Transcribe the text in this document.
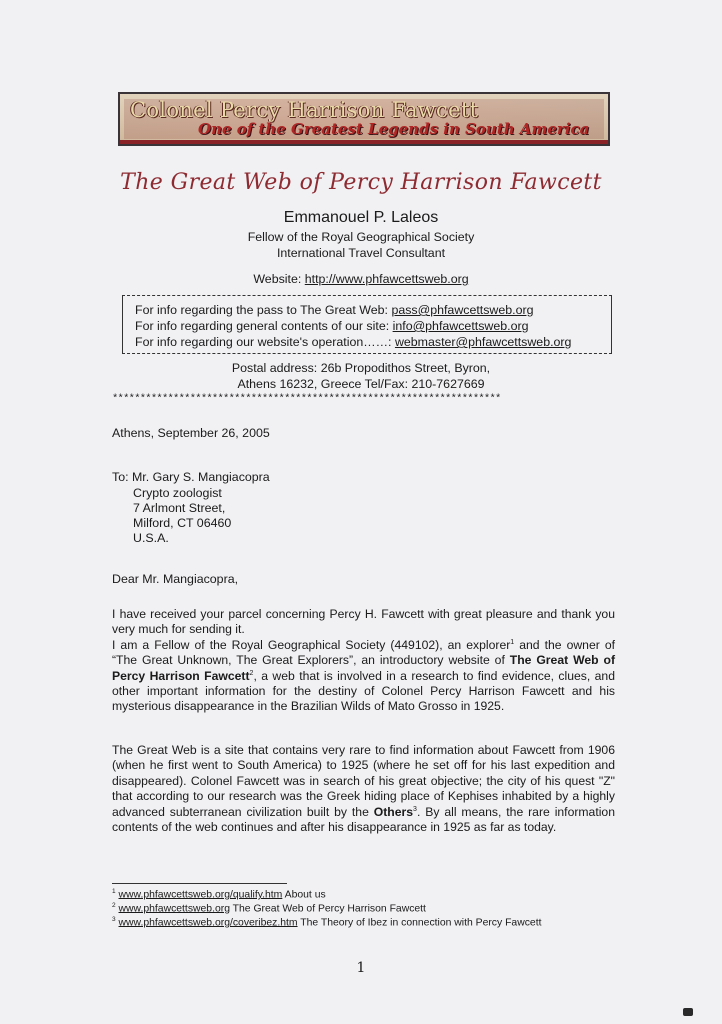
Colonel Percy Harrison Fawcett
One of the Greatest Legends in South America
The Great Web of Percy Harrison Fawcett
Emmanouel P. Laleos
Fellow of the Royal Geographical Society
International Travel Consultant
Website: http://www.phfawcettsweb.org
For info regarding the pass to The Great Web: pass@phfawcettsweb.org
For info regarding general contents of our site: info@phfawcettsweb.org
For info regarding our website's operation……: webmaster@phfawcettsweb.org
Postal address: 26b Propodithos Street, Byron,
Athens 16232, Greece Tel/Fax: 210-7627669
**********************************************************************
Athens, September 26, 2005
To: Mr. Gary S. Mangiacopra
Crypto zoologist
7 Arlmont Street,
Milford, CT 06460
U.S.A.
Dear Mr. Mangiacopra,
I have received your parcel concerning Percy H. Fawcett with great pleasure and thank you very much for sending it.
I am a Fellow of the Royal Geographical Society (449102), an explorer$^1$ and the owner of “The Great Unknown, The Great Explorers”, an introductory website of The Great Web of Percy Harrison Fawcett$^2$, a web that is involved in a research to find evidence, clues, and other important information for the destiny of Colonel Percy Harrison Fawcett and his mysterious disappearance in the Brazilian Wilds of Mato Grosso in 1925.
The Great Web is a site that contains very rare to find information about Fawcett from 1906 (when he first went to South America) to 1925 (where he set off for his last expedition and disappeared). Colonel Fawcett was in search of his great objective; the city of his quest "Z" that according to our research was the Greek hiding place of Kephises inhabited by a highly advanced subterranean civilization built by the Others$^3$. By all means, the rare information contents of the web continues and after his disappearance in 1925 as far as today.
$^1$ www.phfawcettsweb.org/qualify.htm About us
$^2$ www.phfawcettsweb.org The Great Web of Percy Harrison Fawcett
$^3$ www.phfawcettsweb.org/coveribez.htm The Theory of Ibez in connection with Percy Fawcett
1
